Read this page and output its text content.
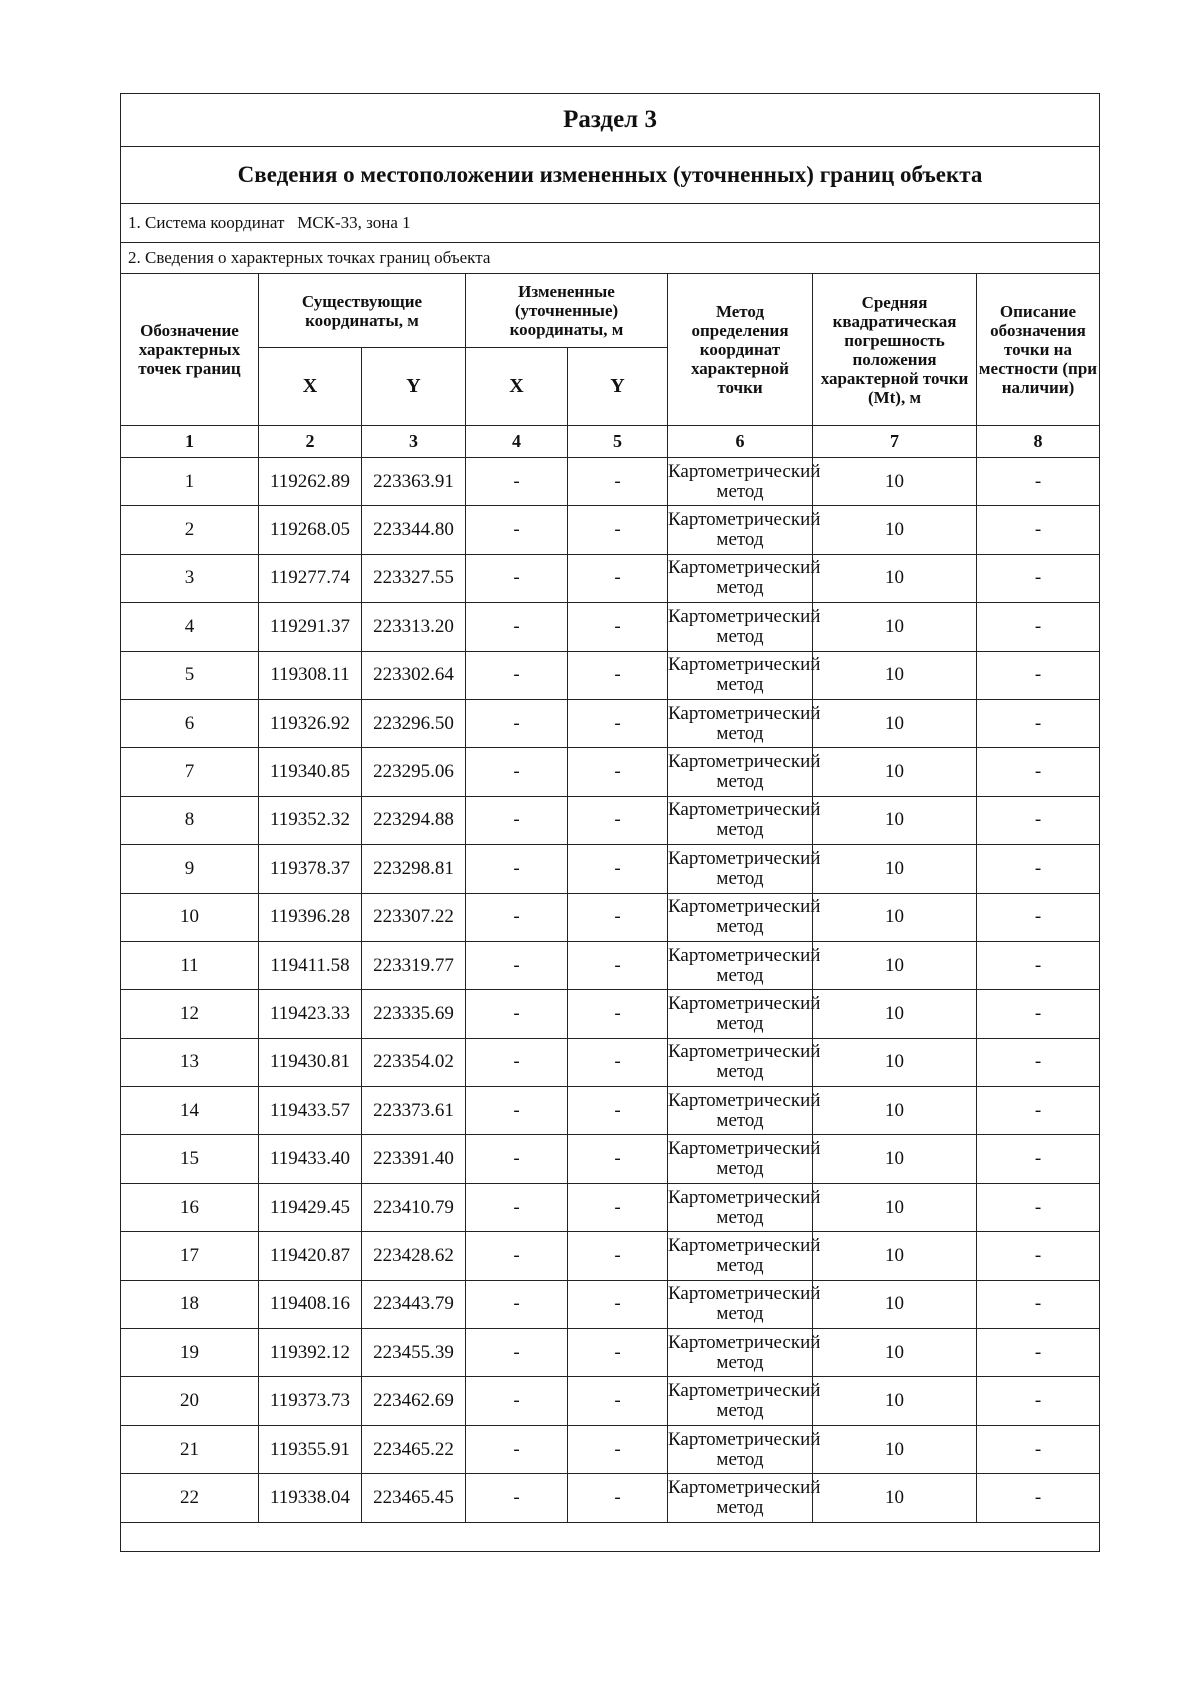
Раздел 3							
Сведения о местоположении измененных (уточненных) границ объекта							
1. Система координат МСК-33, зона 1							
2. Сведения о характерных точках границ объекта							
Обозначение характерных точек границ	Существующие координаты, м		Измененные (уточненные) координаты, м		Метод определения координат характерной точки	Средняя квадратическая погрешность положения характерной точки (Mt), м	Описание обозначения точки на местности (при наличии)
	X	Y	X	Y			
1	2	3	4	5	6	7	8
1	119262.89	223363.91	-	-	Картометрический метод	10	-
2	119268.05	223344.80	-	-	Картометрический метод	10	-
3	119277.74	223327.55	-	-	Картометрический метод	10	-
4	119291.37	223313.20	-	-	Картометрический метод	10	-
5	119308.11	223302.64	-	-	Картометрический метод	10	-
6	119326.92	223296.50	-	-	Картометрический метод	10	-
7	119340.85	223295.06	-	-	Картометрический метод	10	-
8	119352.32	223294.88	-	-	Картометрический метод	10	-
9	119378.37	223298.81	-	-	Картометрический метод	10	-
10	119396.28	223307.22	-	-	Картометрический метод	10	-
11	119411.58	223319.77	-	-	Картометрический метод	10	-
12	119423.33	223335.69	-	-	Картометрический метод	10	-
13	119430.81	223354.02	-	-	Картометрический метод	10	-
14	119433.57	223373.61	-	-	Картометрический метод	10	-
15	119433.40	223391.40	-	-	Картометрический метод	10	-
16	119429.45	223410.79	-	-	Картометрический метод	10	-
17	119420.87	223428.62	-	-	Картометрический метод	10	-
18	119408.16	223443.79	-	-	Картометрический метод	10	-
19	119392.12	223455.39	-	-	Картометрический метод	10	-
20	119373.73	223462.69	-	-	Картометрический метод	10	-
21	119355.91	223465.22	-	-	Картометрический метод	10	-
22	119338.04	223465.45	-	-	Картометрический метод	10	-
